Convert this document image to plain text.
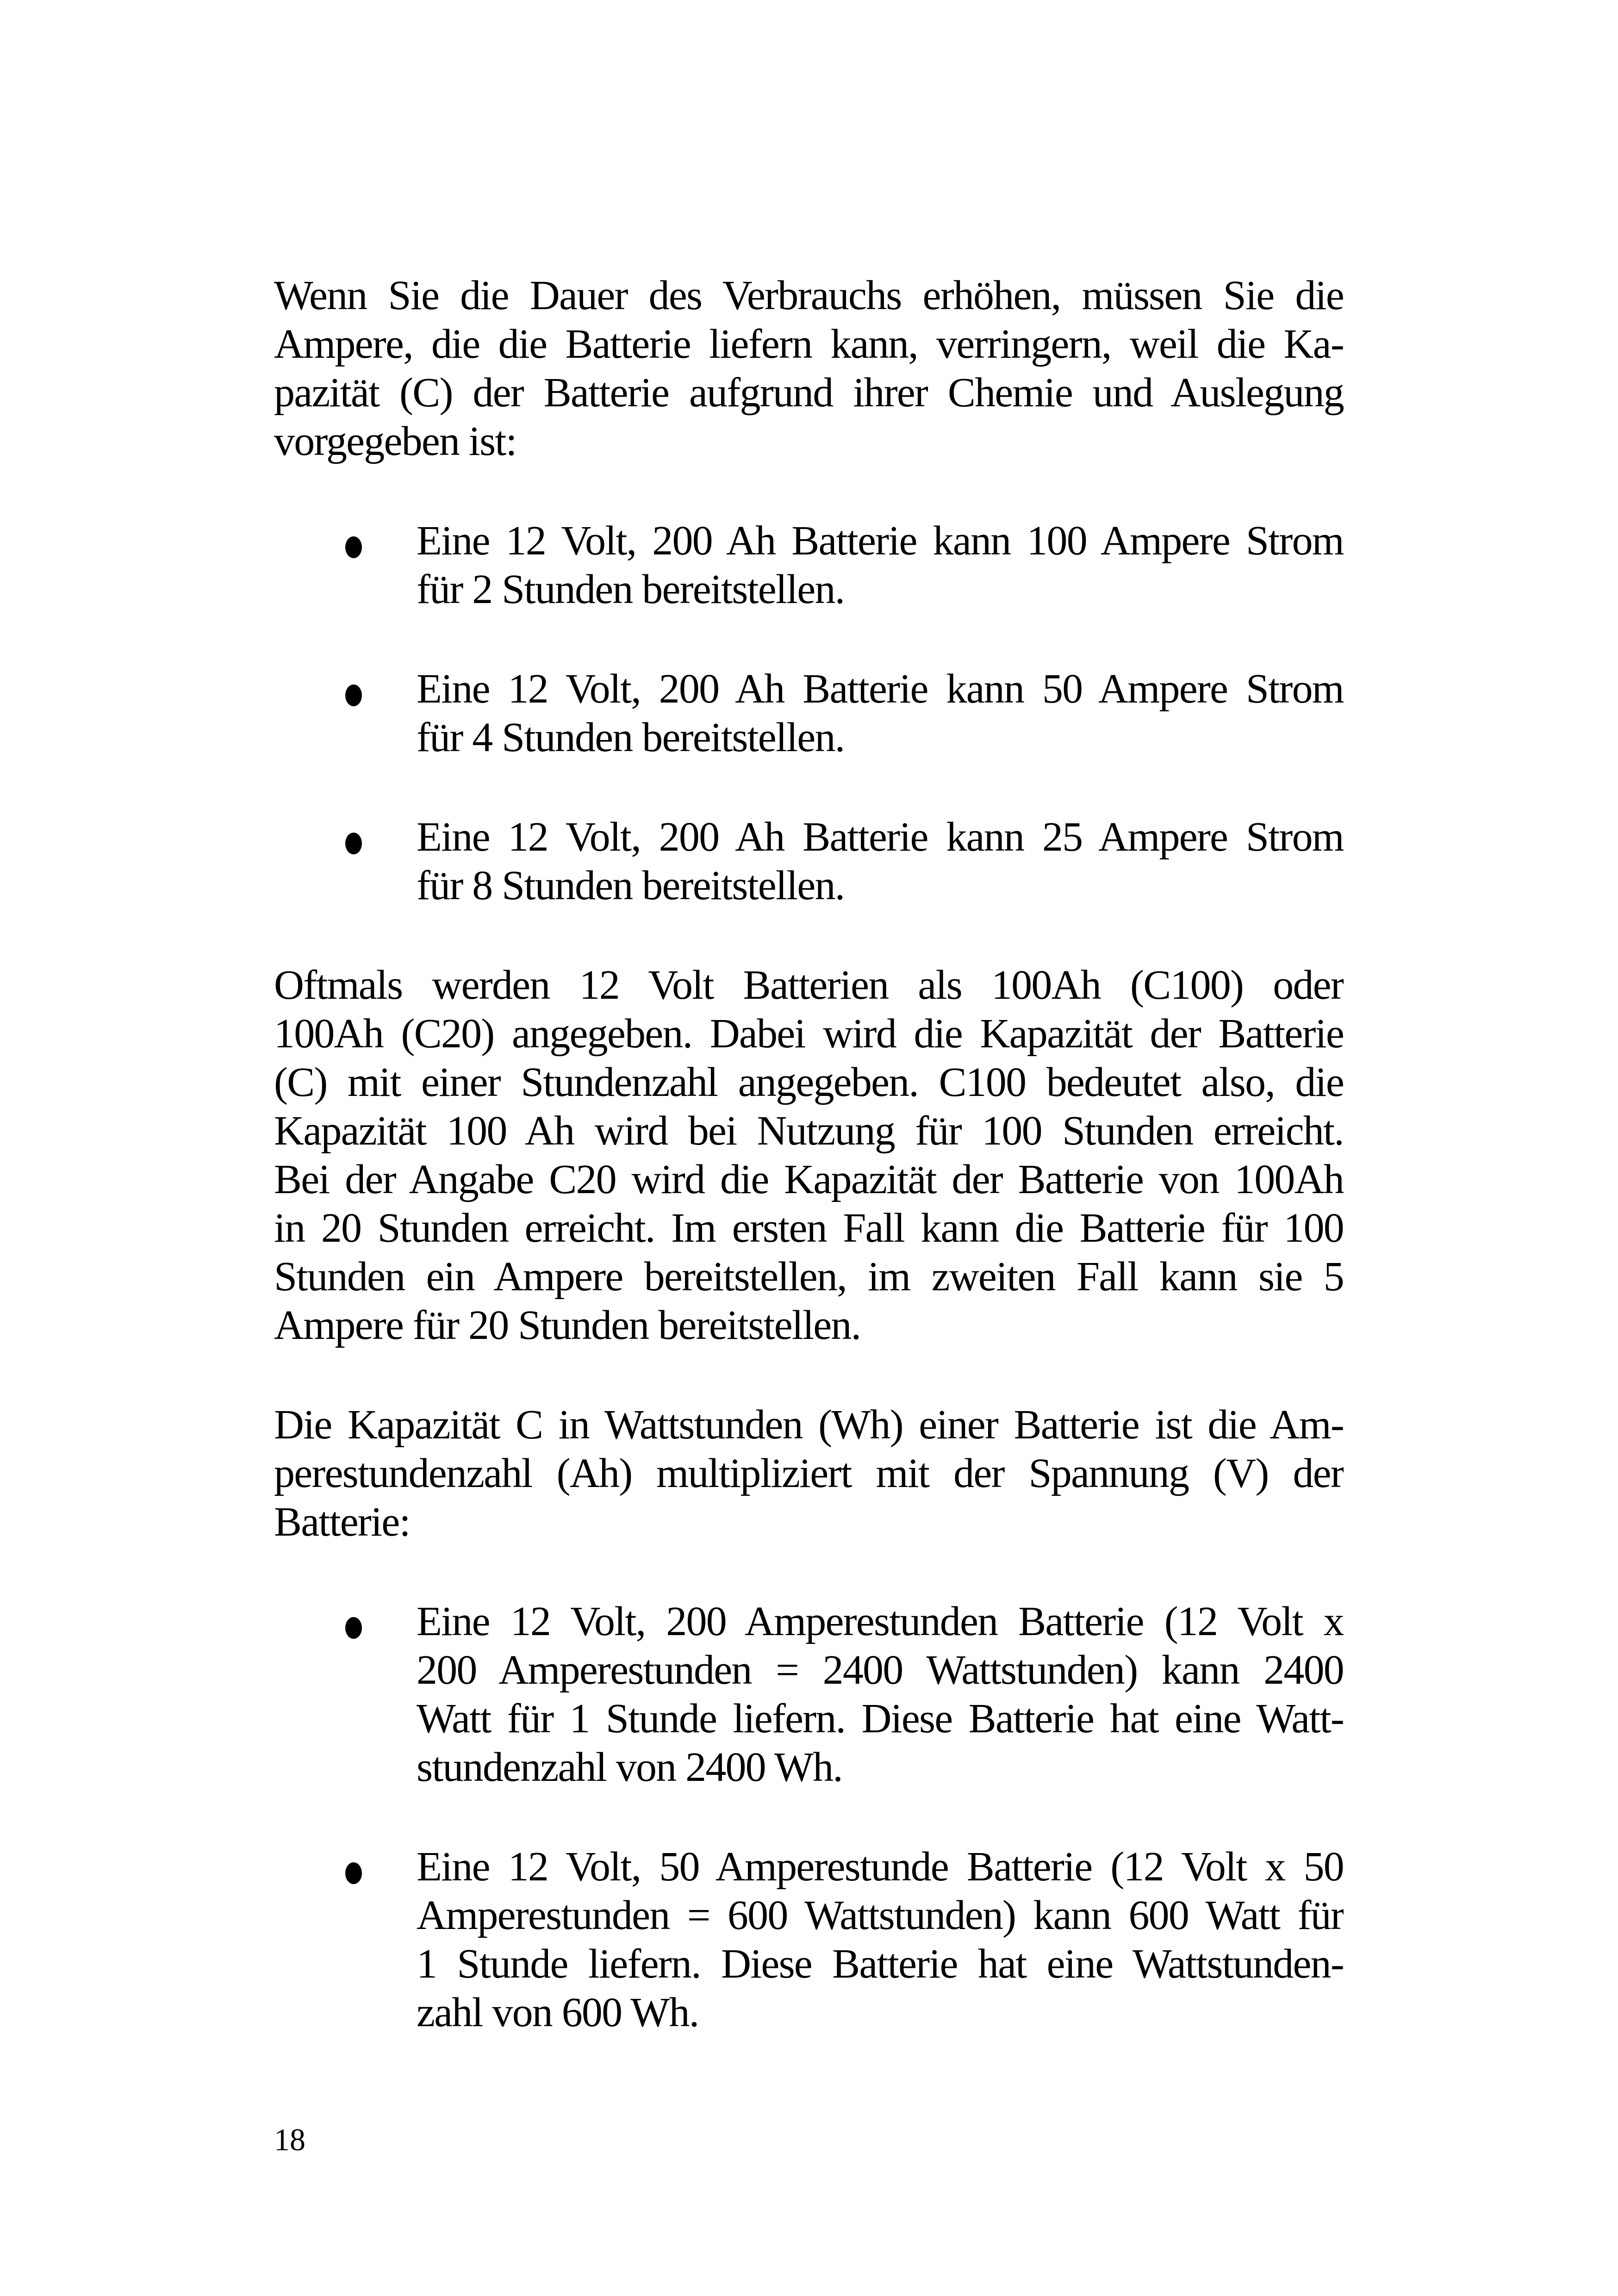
Wenn Sie die Dauer des Verbrauchs erhöhen, müssen Sie die
Ampere, die die Batterie liefern kann, verringern, weil die Ka-
pazität (C) der Batterie aufgrund ihrer Chemie und Auslegung
vorgegeben ist:
Eine 12 Volt, 200 Ah Batterie kann 100 Ampere Strom
für 2 Stunden bereitstellen.
Eine 12 Volt, 200 Ah Batterie kann 50 Ampere Strom
für 4 Stunden bereitstellen.
Eine 12 Volt, 200 Ah Batterie kann 25 Ampere Strom
für 8 Stunden bereitstellen.
Oftmals werden 12 Volt Batterien als 100Ah (C100) oder
100Ah (C20) angegeben. Dabei wird die Kapazität der Batterie
(C) mit einer Stundenzahl angegeben. C100 bedeutet also, die
Kapazität 100 Ah wird bei Nutzung für 100 Stunden erreicht.
Bei der Angabe C20 wird die Kapazität der Batterie von 100Ah
in 20 Stunden erreicht. Im ersten Fall kann die Batterie für 100
Stunden ein Ampere bereitstellen, im zweiten Fall kann sie 5
Ampere für 20 Stunden bereitstellen.
Die Kapazität C in Wattstunden (Wh) einer Batterie ist die Am-
perestundenzahl (Ah) multipliziert mit der Spannung (V) der
Batterie:
Eine 12 Volt, 200 Amperestunden Batterie (12 Volt x
200 Amperestunden = 2400 Wattstunden) kann 2400
Watt für 1 Stunde liefern. Diese Batterie hat eine Watt-
stundenzahl von 2400 Wh.
Eine 12 Volt, 50 Amperestunde Batterie (12 Volt x 50
Amperestunden = 600 Wattstunden) kann 600 Watt für
1 Stunde liefern. Diese Batterie hat eine Wattstunden-
zahl von 600 Wh.
18
